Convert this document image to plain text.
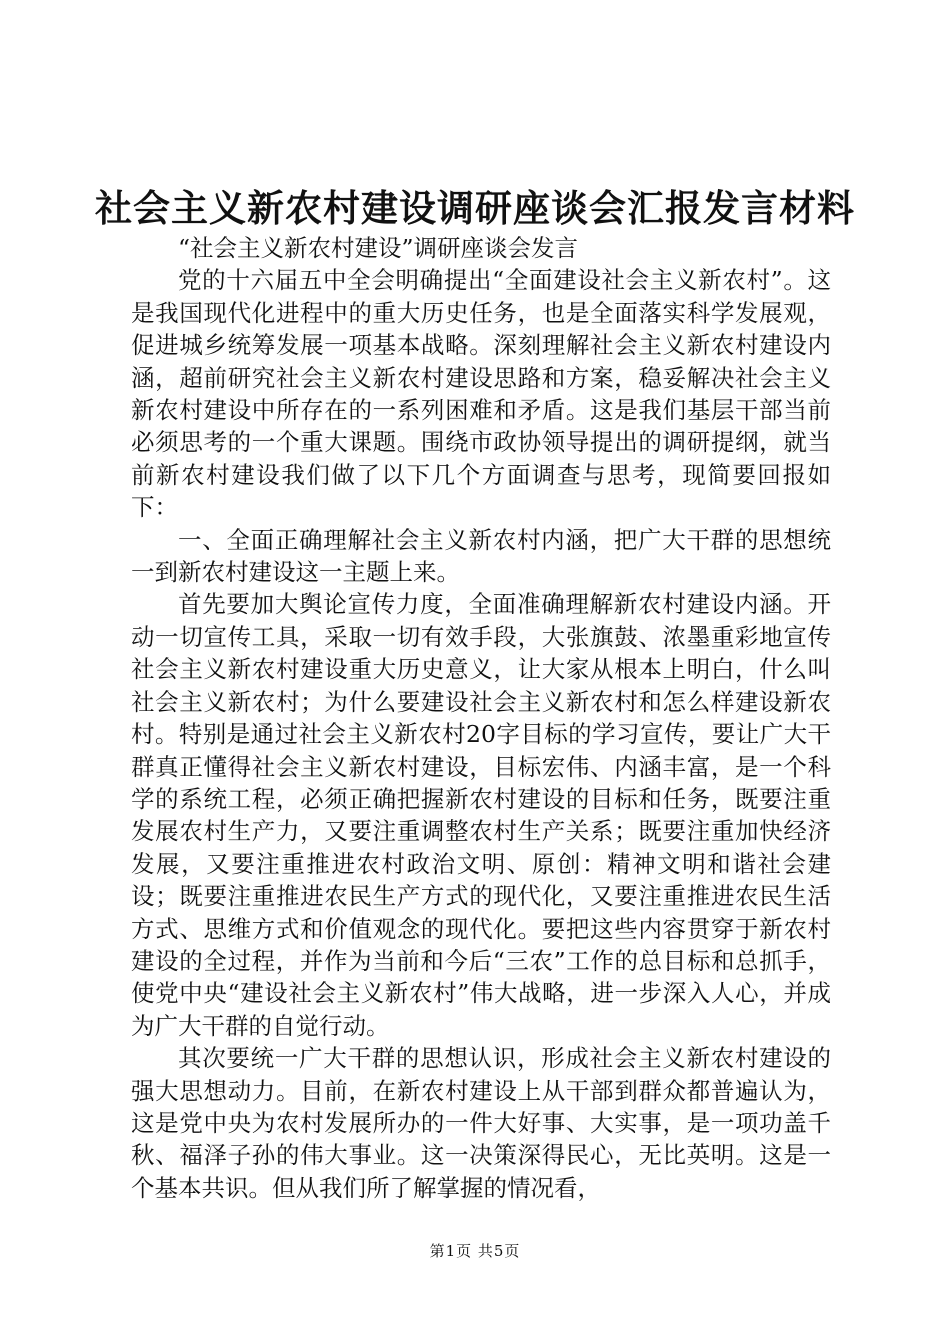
社会主义新农村建设调研座谈会汇报发言材料

“社会主义新农村建设”调研座谈会发言

党的十六届五中全会明确提出“全面建设社会主义新农村”。这是我国现代化进程中的重大历史任务，也是全面落实科学发展观，促进城乡统筹发展一项基本战略。深刻理解社会主义新农村建设内涵，超前研究社会主义新农村建设思路和方案，稳妥解决社会主义新农村建设中所存在的一系列困难和矛盾。这是我们基层干部当前必须思考的一个重大课题。围绕市政协领导提出的调研提纲，就当前新农村建设我们做了以下几个方面调查与思考，现简要回报如下：

一、全面正确理解社会主义新农村内涵，把广大干群的思想统一到新农村建设这一主题上来。

首先要加大舆论宣传力度，全面准确理解新农村建设内涵。开动一切宣传工具，采取一切有效手段，大张旗鼓、浓墨重彩地宣传社会主义新农村建设重大历史意义，让大家从根本上明白，什么叫社会主义新农村；为什么要建设社会主义新农村和怎么样建设新农村。特别是通过社会主义新农村20字目标的学习宣传，要让广大干群真正懂得社会主义新农村建设，目标宏伟、内涵丰富，是一个科学的系统工程，必须正确把握新农村建设的目标和任务，既要注重发展农村生产力，又要注重调整农村生产关系；既要注重加快经济发展，又要注重推进农村政治文明、原创：精神文明和谐社会建设；既要注重推进农民生产方式的现代化，又要注重推进农民生活方式、思维方式和价值观念的现代化。要把这些内容贯穿于新农村建设的全过程，并作为当前和今后“三农”工作的总目标和总抓手，使党中央“建设社会主义新农村”伟大战略，进一步深入人心，并成为广大干群的自觉行动。

其次要统一广大干群的思想认识，形成社会主义新农村建设的强大思想动力。目前，在新农村建设上从干部到群众都普遍认为，这是党中央为农村发展所办的一件大好事、大实事，是一项功盖千秋、福泽子孙的伟大事业。这一决策深得民心，无比英明。这是一个基本共识。但从我们所了解掌握的情况看，

第1页 共5页
